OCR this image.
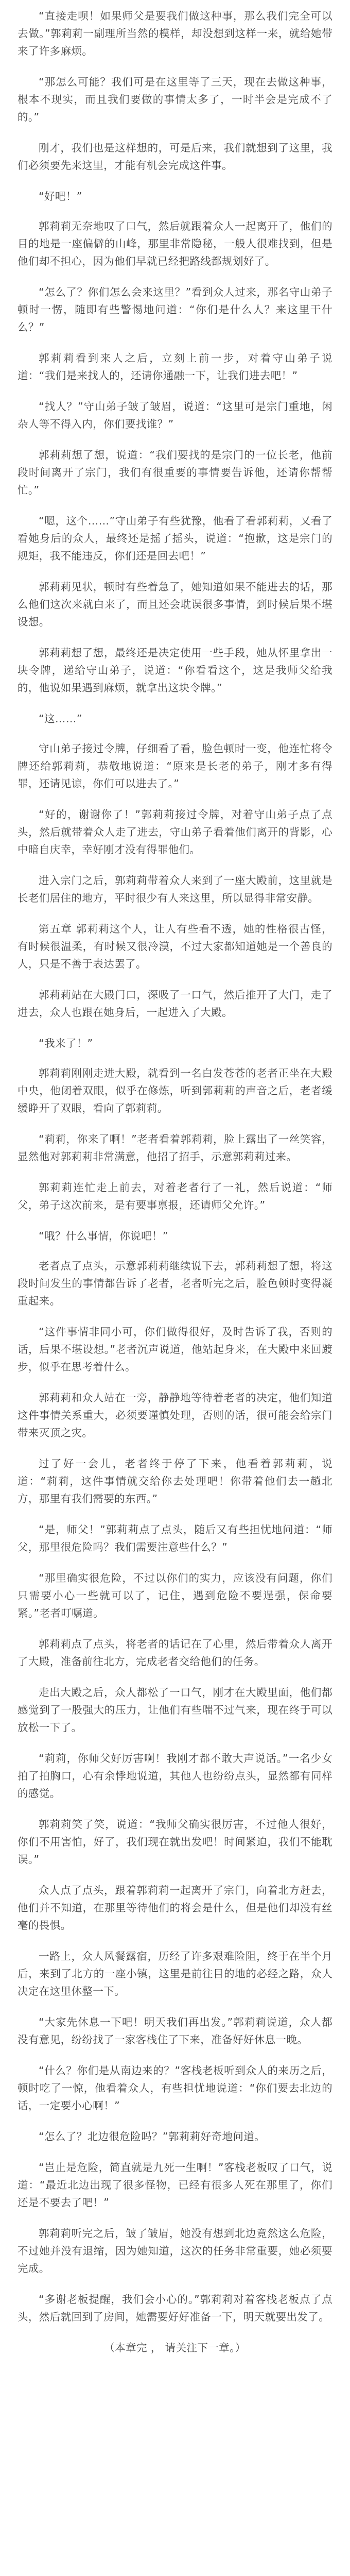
“直接走呗！如果师父是要我们做这种事，那么我们完全可以去做。”郭莉莉一副理所当然的模样，却没想到这样一来，就给她带来了许多麻烦。

“那怎么可能？我们可是在这里等了三天，现在去做这种事，根本不现实，而且我们要做的事情太多了，一时半会是完成不了的。”

刚才，我们也是这样想的，可是后来，我们就想到了这里，我们必须要先来这里，才能有机会完成这件事。

“好吧！”

郭莉莉无奈地叹了口气，然后就跟着众人一起离开了，他们的目的地是一座偏僻的山峰，那里非常隐秘，一般人很难找到，但是他们却不担心，因为他们早就已经把路线都规划好了。

“怎么了？你们怎么会来这里？”看到众人过来，那名守山弟子顿时一愣，随即有些警惕地问道：“你们是什么人？来这里干什么？”

郭莉莉看到来人之后，立刻上前一步，对着守山弟子说道：“我们是来找人的，还请你通融一下，让我们进去吧！”

“找人？”守山弟子皱了皱眉，说道：“这里可是宗门重地，闲杂人等不得入内，你们要找谁？”

郭莉莉想了想，说道：“我们要找的是宗门的一位长老，他前段时间离开了宗门，我们有很重要的事情要告诉他，还请你帮帮忙。”

“嗯，这个……”守山弟子有些犹豫，他看了看郭莉莉，又看了看她身后的众人，最终还是摇了摇头，说道：“抱歉，这是宗门的规矩，我不能违反，你们还是回去吧！”

郭莉莉见状，顿时有些着急了，她知道如果不能进去的话，那么他们这次来就白来了，而且还会耽误很多事情，到时候后果不堪设想。

郭莉莉想了想，最终还是决定使用一些手段，她从怀里拿出一块令牌，递给守山弟子，说道：“你看看这个，这是我师父给我的，他说如果遇到麻烦，就拿出这块令牌。”

“这……”

守山弟子接过令牌，仔细看了看，脸色顿时一变，他连忙将令牌还给郭莉莉，恭敬地说道：“原来是长老的弟子，刚才多有得罪，还请见谅，你们可以进去了。”

“好的，谢谢你了！”郭莉莉接过令牌，对着守山弟子点了点头，然后就带着众人走了进去，守山弟子看着他们离开的背影，心中暗自庆幸，幸好刚才没有得罪他们。

进入宗门之后，郭莉莉带着众人来到了一座大殿前，这里就是长老们居住的地方，平时很少有人来这里，所以显得非常安静。

第五章 郭莉莉这个人，让人有些看不透，她的性格很古怪，有时候很温柔，有时候又很冷漠，不过大家都知道她是一个善良的人，只是不善于表达罢了。

郭莉莉站在大殿门口，深吸了一口气，然后推开了大门，走了进去，众人也跟在她身后，一起进入了大殿。

“我来了！”

郭莉莉刚刚走进大殿，就看到一名白发苍苍的老者正坐在大殿中央，他闭着双眼，似乎在修炼，听到郭莉莉的声音之后，老者缓缓睁开了双眼，看向了郭莉莉。

“莉莉，你来了啊！”老者看着郭莉莉，脸上露出了一丝笑容，显然他对郭莉莉非常满意，他招了招手，示意郭莉莉过来。

郭莉莉连忙走上前去，对着老者行了一礼，然后说道：“师父，弟子这次前来，是有要事禀报，还请师父允许。”

“哦？什么事情，你说吧！”

老者点了点头，示意郭莉莉继续说下去，郭莉莉想了想，将这段时间发生的事情都告诉了老者，老者听完之后，脸色顿时变得凝重起来。

“这件事情非同小可，你们做得很好，及时告诉了我，否则的话，后果不堪设想。”老者沉声说道，他站起身来，在大殿中来回踱步，似乎在思考着什么。

郭莉莉和众人站在一旁，静静地等待着老者的决定，他们知道这件事情关系重大，必须要谨慎处理，否则的话，很可能会给宗门带来灭顶之灾。

过了好一会儿，老者终于停了下来，他看着郭莉莉，说道：“莉莉，这件事情就交给你去处理吧！你带着他们去一趟北方，那里有我们需要的东西。”

“是，师父！”郭莉莉点了点头，随后又有些担忧地问道：“师父，那里很危险吗？我们需要注意些什么？”

“那里确实很危险，不过以你们的实力，应该没有问题，你们只需要小心一些就可以了，记住，遇到危险不要逞强，保命要紧。”老者叮嘱道。

郭莉莉点了点头，将老者的话记在了心里，然后带着众人离开了大殿，准备前往北方，完成老者交给他们的任务。

走出大殿之后，众人都松了一口气，刚才在大殿里面，他们都感觉到了一股强大的压力，让他们有些喘不过气来，现在终于可以放松一下了。

“莉莉，你师父好厉害啊！我刚才都不敢大声说话。”一名少女拍了拍胸口，心有余悸地说道，其他人也纷纷点头，显然都有同样的感觉。

郭莉莉笑了笑，说道：“我师父确实很厉害，不过他人很好，你们不用害怕，好了，我们现在就出发吧！时间紧迫，我们不能耽误。”

众人点了点头，跟着郭莉莉一起离开了宗门，向着北方赶去，他们并不知道，在那里等待他们的将会是什么，但是他们却没有丝毫的畏惧。

一路上，众人风餐露宿，历经了许多艰难险阻，终于在半个月后，来到了北方的一座小镇，这里是前往目的地的必经之路，众人决定在这里休整一下。

“大家先休息一下吧！明天我们再出发。”郭莉莉说道，众人都没有意见，纷纷找了一家客栈住了下来，准备好好休息一晚。

“什么？你们是从南边来的？”客栈老板听到众人的来历之后，顿时吃了一惊，他看着众人，有些担忧地说道：“你们要去北边的话，一定要小心啊！”

“怎么了？北边很危险吗？”郭莉莉好奇地问道。

“岂止是危险，简直就是九死一生啊！”客栈老板叹了口气，说道：“最近北边出现了很多怪物，已经有很多人死在那里了，你们还是不要去了吧！”

郭莉莉听完之后，皱了皱眉，她没有想到北边竟然这么危险，不过她并没有退缩，因为她知道，这次的任务非常重要，她必须要完成。

“多谢老板提醒，我们会小心的。”郭莉莉对着客栈老板点了点头，然后就回到了房间，她需要好好准备一下，明天就要出发了。

（本章完 ， 请关注下一章。）
